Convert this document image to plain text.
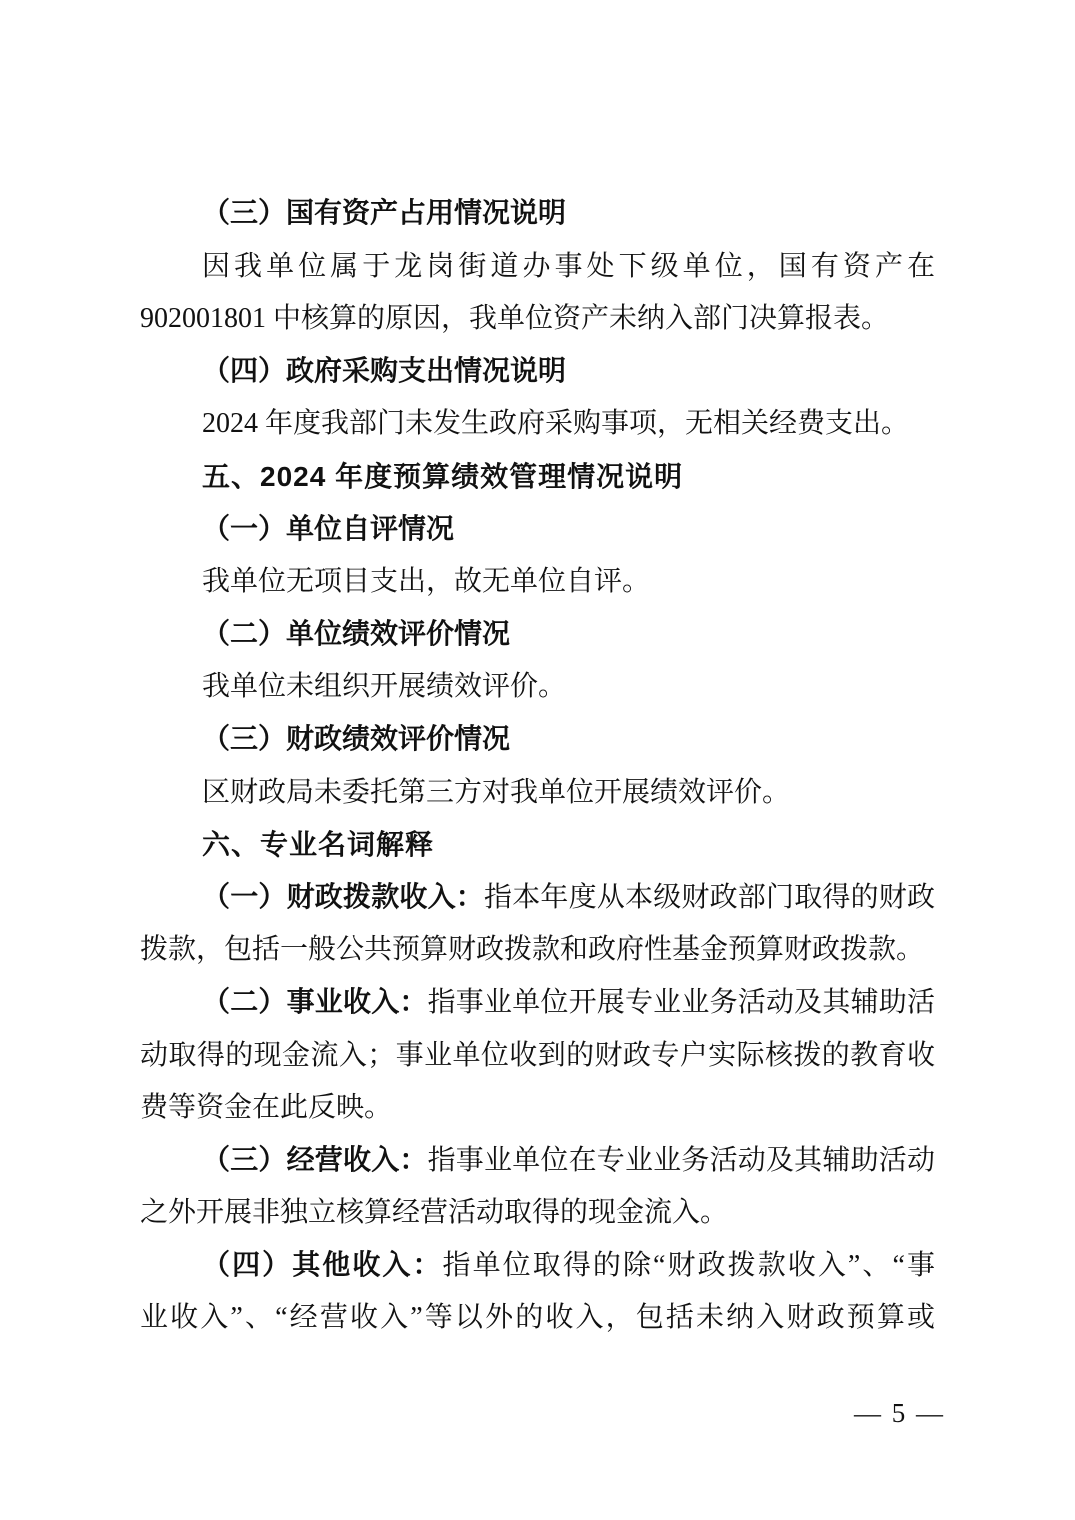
（三）国有资产占用情况说明
因我单位属于龙岗街道办事处下级单位，国有资产在
902001801 中核算的原因，我单位资产未纳入部门决算报表。
（四）政府采购支出情况说明
2024 年度我部门未发生政府采购事项，无相关经费支出。
五、2024 年度预算绩效管理情况说明
（一）单位自评情况
我单位无项目支出，故无单位自评。
（二）单位绩效评价情况
我单位未组织开展绩效评价。
（三）财政绩效评价情况
区财政局未委托第三方对我单位开展绩效评价。
六、专业名词解释
（一）财政拨款收入：指本年度从本级财政部门取得的财政
拨款，包括一般公共预算财政拨款和政府性基金预算财政拨款。
（二）事业收入：指事业单位开展专业业务活动及其辅助活
动取得的现金流入；事业单位收到的财政专户实际核拨的教育收
费等资金在此反映。
（三）经营收入：指事业单位在专业业务活动及其辅助活动
之外开展非独立核算经营活动取得的现金流入。
（四）其他收入：指单位取得的除“财政拨款收入”、“事
业收入”、“经营收入”等以外的收入，包括未纳入财政预算或
— 5 —
